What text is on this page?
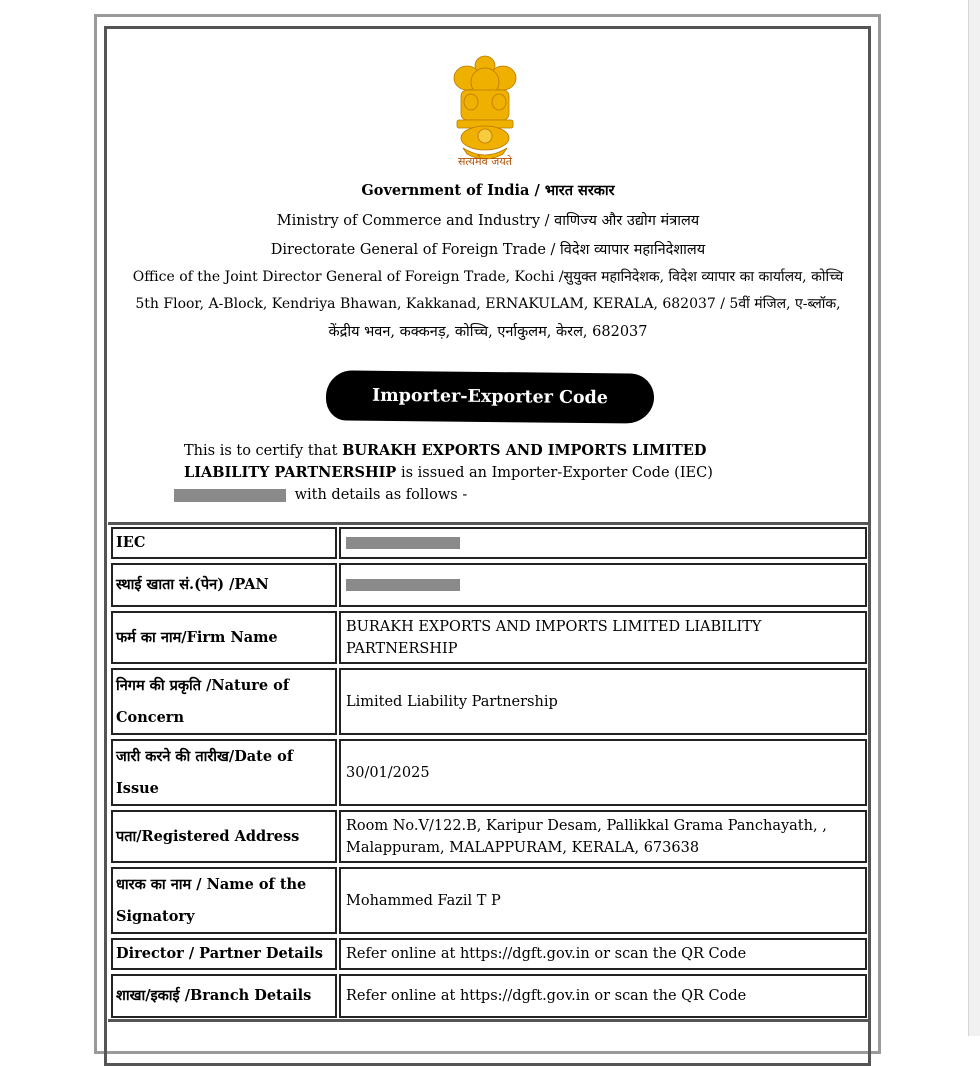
सत्यमेव जयते
Government of India / भारत सरकार
Ministry of Commerce and Industry / वाणिज्य और उद्योग मंत्रालय
Directorate General of Foreign Trade / विदेश व्यापार महानिदेशालय
Office of the Joint Director General of Foreign Trade, Kochi /सुयुक्त महानिदेशक, विदेश व्यापार का कार्यालय, कोच्चि
5th Floor, A-Block, Kendriya Bhawan, Kakkanad, ERNAKULAM, KERALA, 682037 / 5वीं मंजिल, ए-ब्लॉक,
केंद्रीय भवन, कक्कनड़, कोच्चि, एर्नाकुलम, केरल, 682037
Importer-Exporter Code
This is to certify that BURAKH EXPORTS AND IMPORTS LIMITED LIABILITY PARTNERSHIP is issued an Importer-Exporter Code (IEC)
with details as follows -
IEC
स्थाई खाता सं.(पेन) /PAN
फर्म का नाम/Firm Name
BURAKH EXPORTS AND IMPORTS LIMITED LIABILITY PARTNERSHIP
निगम की प्रकृति /Nature of Concern
Limited Liability Partnership
जारी करने की तारीख/Date of Issue
30/01/2025
पता/Registered Address
Room No.V/122.B, Karipur Desam, Pallikkal Grama Panchayath, , Malappuram, MALAPPURAM, KERALA, 673638
धारक का नाम / Name of the Signatory
Mohammed Fazil T P
Director / Partner Details	Refer online at https://dgft.gov.in or scan the QR Code
शाखा/इकाई /Branch Details	Refer online at https://dgft.gov.in or scan the QR Code
